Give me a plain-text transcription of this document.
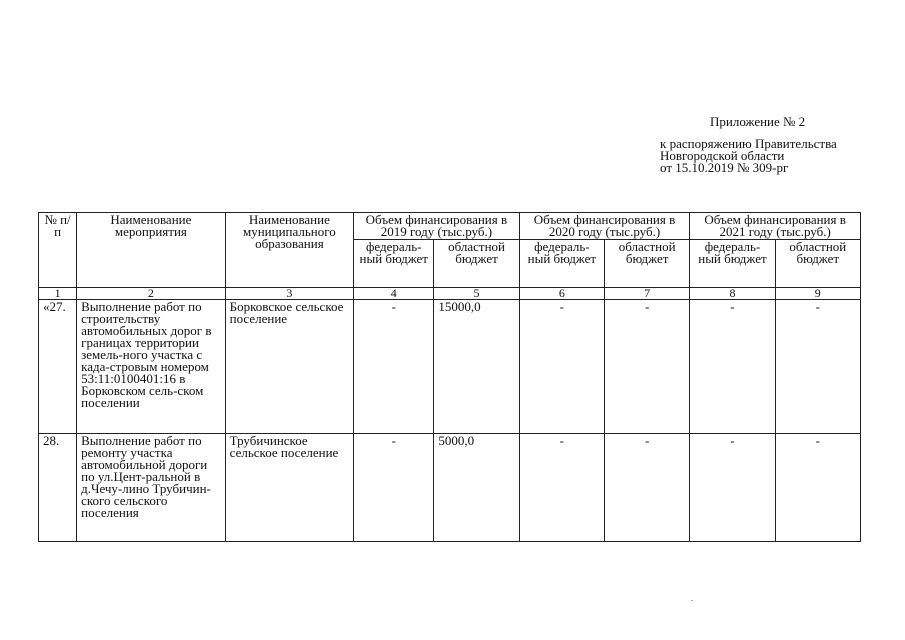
Приложение № 2
к распоряжению Правительства
Новгородской области
от 15.10.2019 № 309-рг
№ п/п	Наименование мероприятия	Наименование муниципального образования	Объем финансирования в 2019 году (тыс.руб.)		Объем финансирования в 2020 году (тыс.руб.)		Объем финансирования в 2021 году (тыс.руб.)	
			федераль-ный бюджет	областной бюджет	федераль-ный бюджет	областной бюджет	федераль-ный бюджет	областной бюджет
1	2	3	4	5	6	7	8	9
«27.	Выполнение работ по строительству автомобильных дорог в границах территории земель-ного участка с када-стровым номером 53:11:0100401:16 в Борковском сель-ском поселении	Борковское сельское поселение	-	15000,0	-	-	-	-
28.	Выполнение работ по ремонту участка автомобильной дороги по ул.Цент-ральной в д.Чечу-лино Трубичин-ского сельского поселения	Трубичинское сельское поселение	-	5000,0	-	-	-	-
